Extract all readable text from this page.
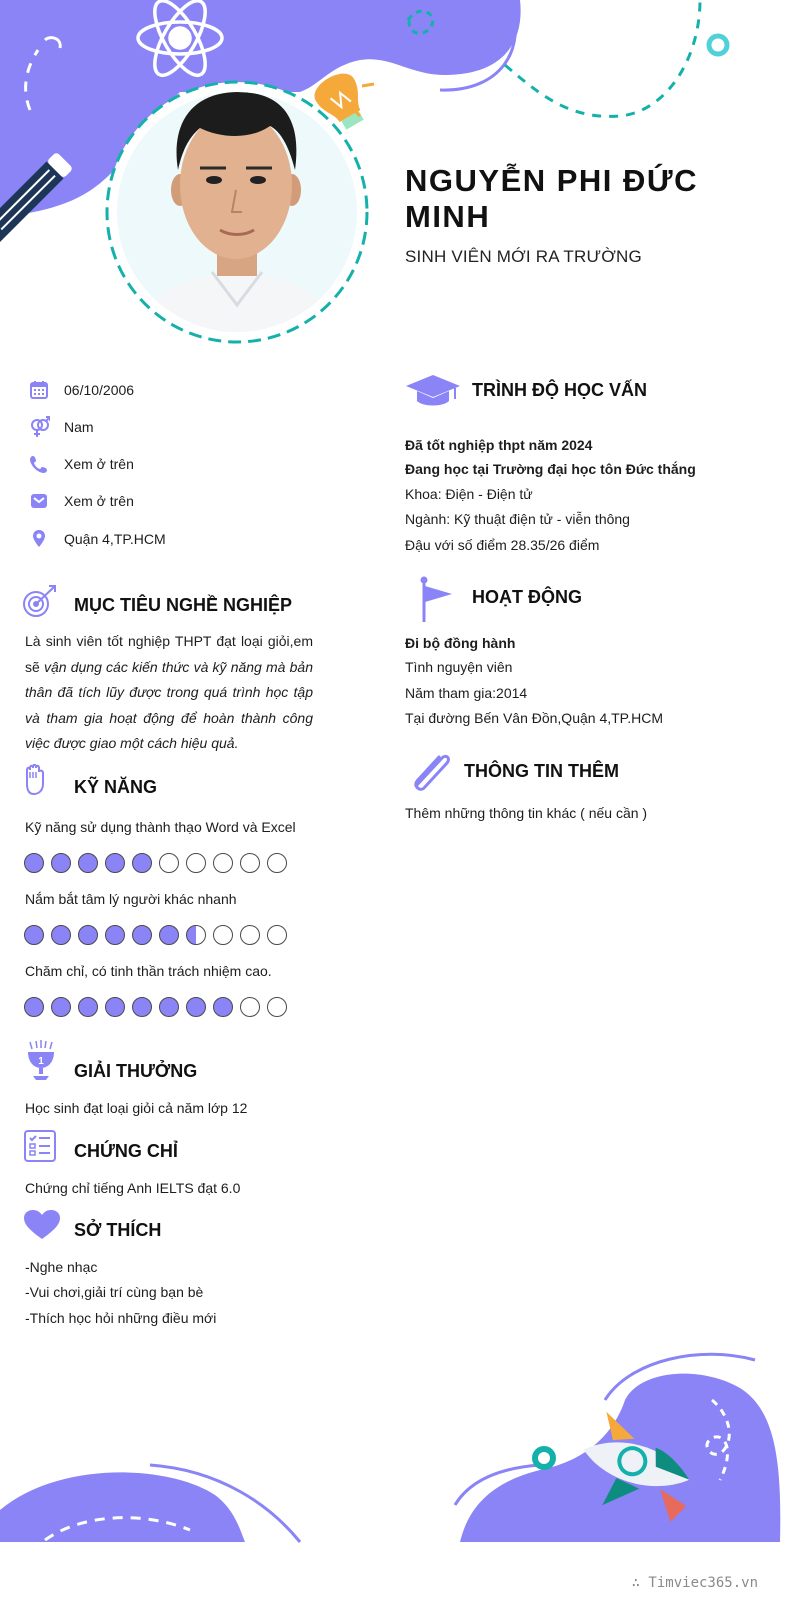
NGUYỄN PHI ĐỨC MINH
SINH VIÊN MỚI RA TRƯỜNG
06/10/2006
Nam
Xem ở trên
Xem ở trên
Quận 4,TP.HCM
MỤC TIÊU NGHỀ NGHIỆP

Là sinh viên tốt nghiệp THPT đạt loại giỏi,em sẽ vận dụng các kiến thức và kỹ năng mà bản thân đã tích lũy được trong quá trình học tập và tham gia hoạt động để hoàn thành công việc được giao một cách hiệu quả.

KỸ NĂNG
Kỹ năng sử dụng thành thạo Word và Excel
Nắm bắt tâm lý người khác nhanh
Chăm chỉ, có tinh thần trách nhiệm cao.
1 GIẢI THƯỞNG
Học sinh đạt loại giỏi cả năm lớp 12
CHỨNG CHỈ
Chứng chỉ tiếng Anh IELTS đạt 6.0
SỞ THÍCH
-Nghe nhạc
-Vui chơi,giải trí cùng bạn bè
-Thích học hỏi những điều mới
TRÌNH ĐỘ HỌC VẤN
Đã tốt nghiệp thpt năm 2024
Đang học tại Trường đại học tôn Đức thắng
Khoa: Điện - Điện tử
Ngành: Kỹ thuật điện tử - viễn thông
Đậu với số điểm 28.35/26 điểm
HOẠT ĐỘNG
Đi bộ đồng hành
Tình nguyện viên
Năm tham gia:2014
Tại đường Bến Vân Đồn,Quận 4,TP.HCM
THÔNG TIN THÊM
Thêm những thông tin khác ( nếu cần )
∴ Timviec365.vn
